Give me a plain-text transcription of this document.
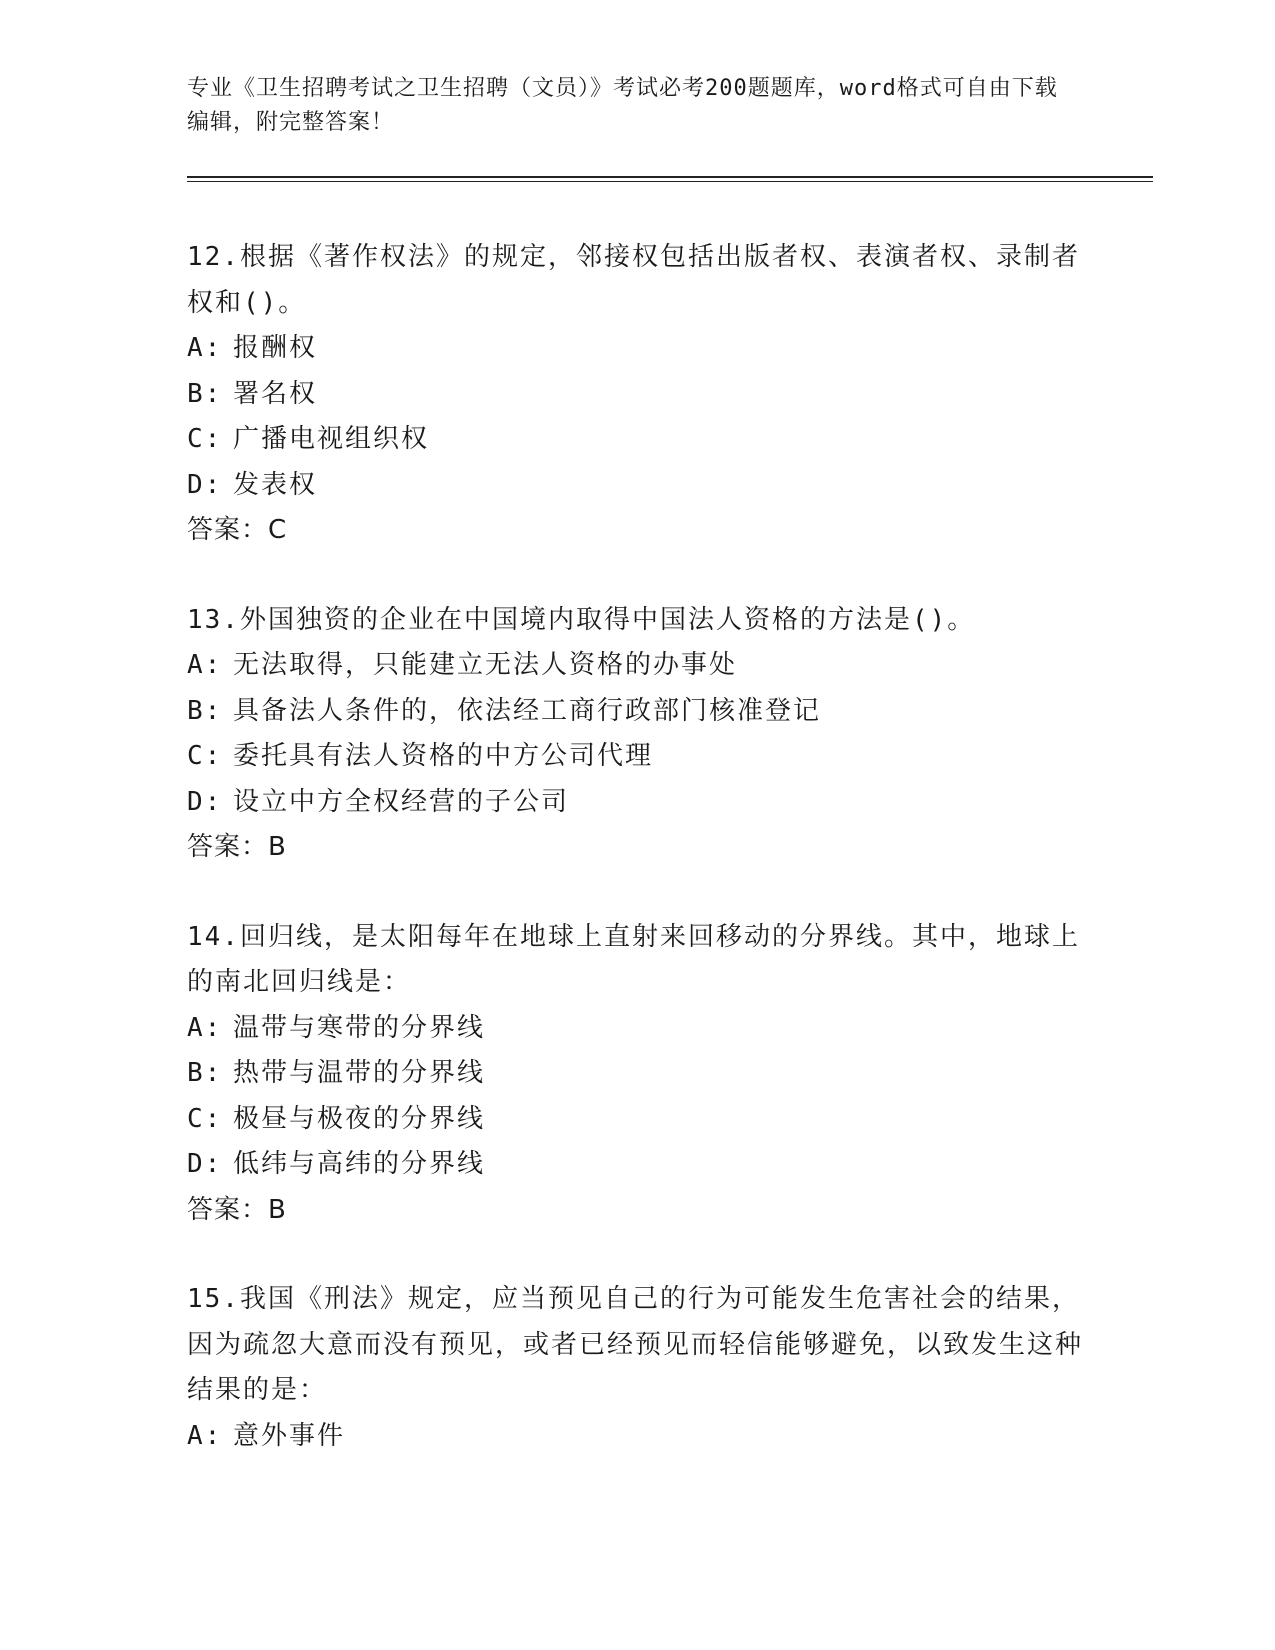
专业《卫生招聘考试之卫生招聘（文员）》考试必考200题题库，word格式可自由下载编辑，附完整答案！

12.根据《著作权法》的规定，邻接权包括出版者权、表演者权、录制者权和()。

A: 报酬权

B: 署名权

C: 广播电视组织权

D: 发表权

答案：C

13.外国独资的企业在中国境内取得中国法人资格的方法是()。

A: 无法取得，只能建立无法人资格的办事处

B: 具备法人条件的，依法经工商行政部门核准登记

C: 委托具有法人资格的中方公司代理

D: 设立中方全权经营的子公司

答案：B

14.回归线，是太阳每年在地球上直射来回移动的分界线。其中，地球上的南北回归线是：

A: 温带与寒带的分界线

B: 热带与温带的分界线

C: 极昼与极夜的分界线

D: 低纬与高纬的分界线

答案：B

15.我国《刑法》规定，应当预见自己的行为可能发生危害社会的结果，因为疏忽大意而没有预见，或者已经预见而轻信能够避免，以致发生这种结果的是：

A: 意外事件
